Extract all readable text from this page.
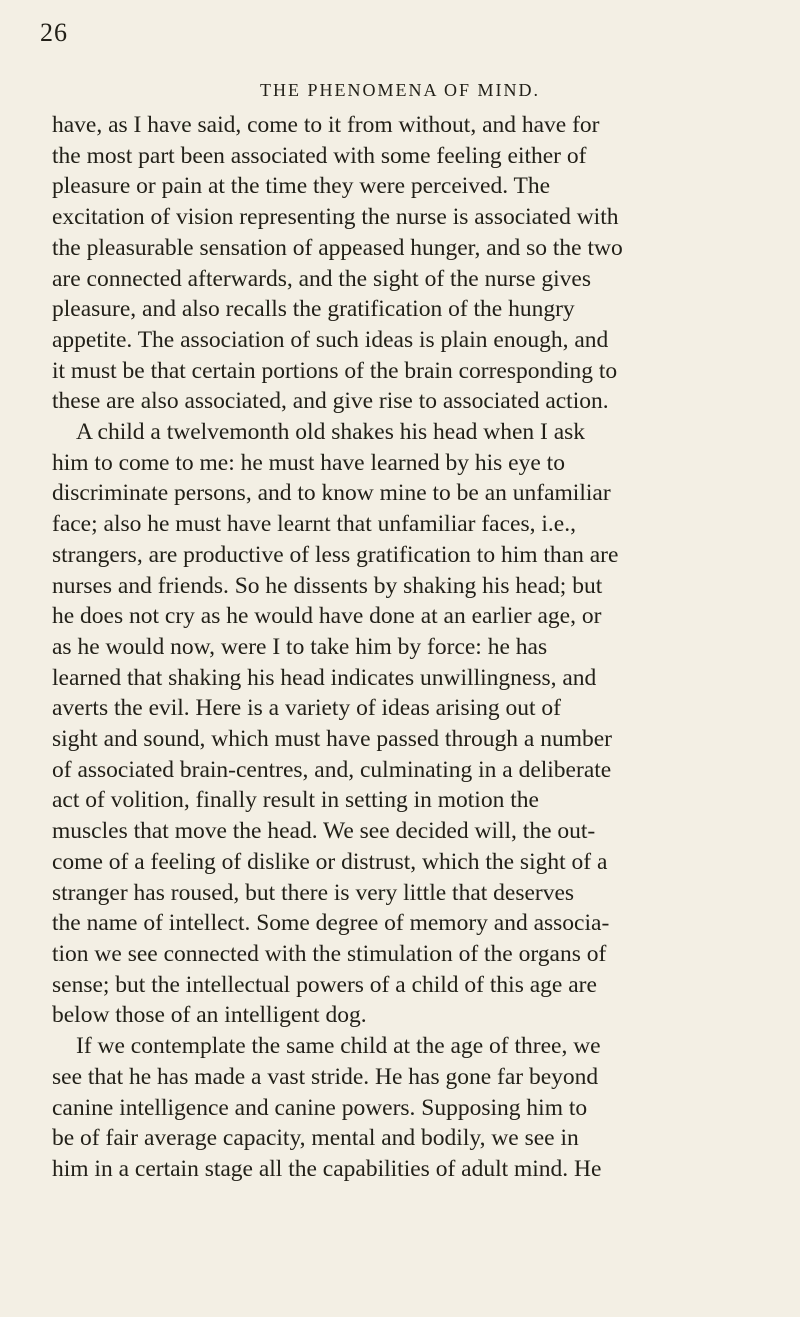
26
THE PHENOMENA OF MIND.
have, as I have said, come to it from without, and have for
the most part been associated with some feeling either of
pleasure or pain at the time they were perceived. The
excitation of vision representing the nurse is associated with
the pleasurable sensation of appeased hunger, and so the two
are connected afterwards, and the sight of the nurse gives
pleasure, and also recalls the gratification of the hungry
appetite. The association of such ideas is plain enough, and
it must be that certain portions of the brain corresponding to
these are also associated, and give rise to associated action.
A child a twelvemonth old shakes his head when I ask
him to come to me: he must have learned by his eye to
discriminate persons, and to know mine to be an unfamiliar
face; also he must have learnt that unfamiliar faces, i.e.,
strangers, are productive of less gratification to him than are
nurses and friends. So he dissents by shaking his head; but
he does not cry as he would have done at an earlier age, or
as he would now, were I to take him by force: he has
learned that shaking his head indicates unwillingness, and
averts the evil. Here is a variety of ideas arising out of
sight and sound, which must have passed through a number
of associated brain-centres, and, culminating in a deliberate
act of volition, finally result in setting in motion the
muscles that move the head. We see decided will, the out-
come of a feeling of dislike or distrust, which the sight of a
stranger has roused, but there is very little that deserves
the name of intellect. Some degree of memory and associa-
tion we see connected with the stimulation of the organs of
sense; but the intellectual powers of a child of this age are
below those of an intelligent dog.
If we contemplate the same child at the age of three, we
see that he has made a vast stride. He has gone far beyond
canine intelligence and canine powers. Supposing him to
be of fair average capacity, mental and bodily, we see in
him in a certain stage all the capabilities of adult mind. He
